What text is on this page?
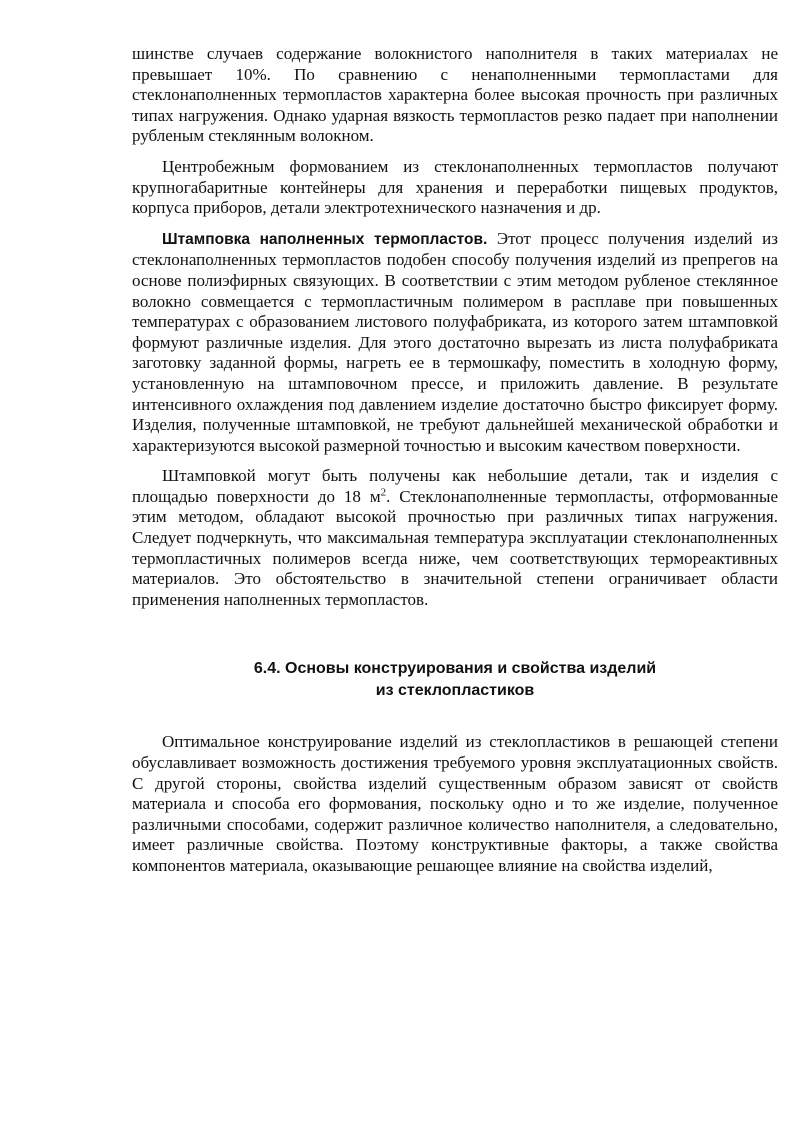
шинстве случаев содержание волокнистого наполнителя в таких материалах не превышает 10%. По сравнению с ненаполненными термопластами для стеклонаполненных термопластов характерна более высокая прочность при различных типах нагружения. Однако ударная вязкость термопластов резко падает при наполнении рубленым стеклянным волокном.

Центробежным формованием из стеклонаполненных термопластов получают крупногабаритные контейнеры для хранения и переработки пищевых продуктов, корпуса приборов, детали электротехнического назначения и др.

Штамповка наполненных термопластов. Этот процесс получения изделий из стеклонаполненных термопластов подобен способу получения изделий из препрегов на основе полиэфирных связующих. В соответствии с этим методом рубленое стеклянное волокно совмещается с термопластичным полимером в расплаве при повышенных температурах с образованием листового полуфабриката, из которого затем штамповкой формуют различные изделия. Для этого достаточно вырезать из листа полуфабриката заготовку заданной формы, нагреть ее в термошкафу, поместить в холодную форму, установленную на штамповочном прессе, и приложить давление. В результате интенсивного охлаждения под давлением изделие достаточно быстро фиксирует форму. Изделия, полученные штамповкой, не требуют дальнейшей механической обработки и характеризуются высокой размерной точностью и высоким качеством поверхности.

Штамповкой могут быть получены как небольшие детали, так и изделия с площадью поверхности до 18 $м^2$. Стеклонаполненные термопласты, отформованные этим методом, обладают высокой прочностью при различных типах нагружения. Следует подчеркнуть, что максимальная температура эксплуатации стеклонаполненных термопластичных полимеров всегда ниже, чем соответствующих термореактивных материалов. Это обстоятельство в значительной степени ограничивает области применения наполненных термопластов.

6.4. Основы конструирования и свойства изделий
из стеклопластиков

Оптимальное конструирование изделий из стеклопластиков в решающей степени обуславливает возможность достижения требуемого уровня эксплуатационных свойств. С другой стороны, свойства изделий существенным образом зависят от свойств материала и способа его формования, поскольку одно и то же изделие, полученное различными способами, содержит различное количество наполнителя, а следовательно, имеет различные свойства. Поэтому конструктивные факторы, а также свойства компонентов материала, оказывающие решающее влияние на свойства изделий,
